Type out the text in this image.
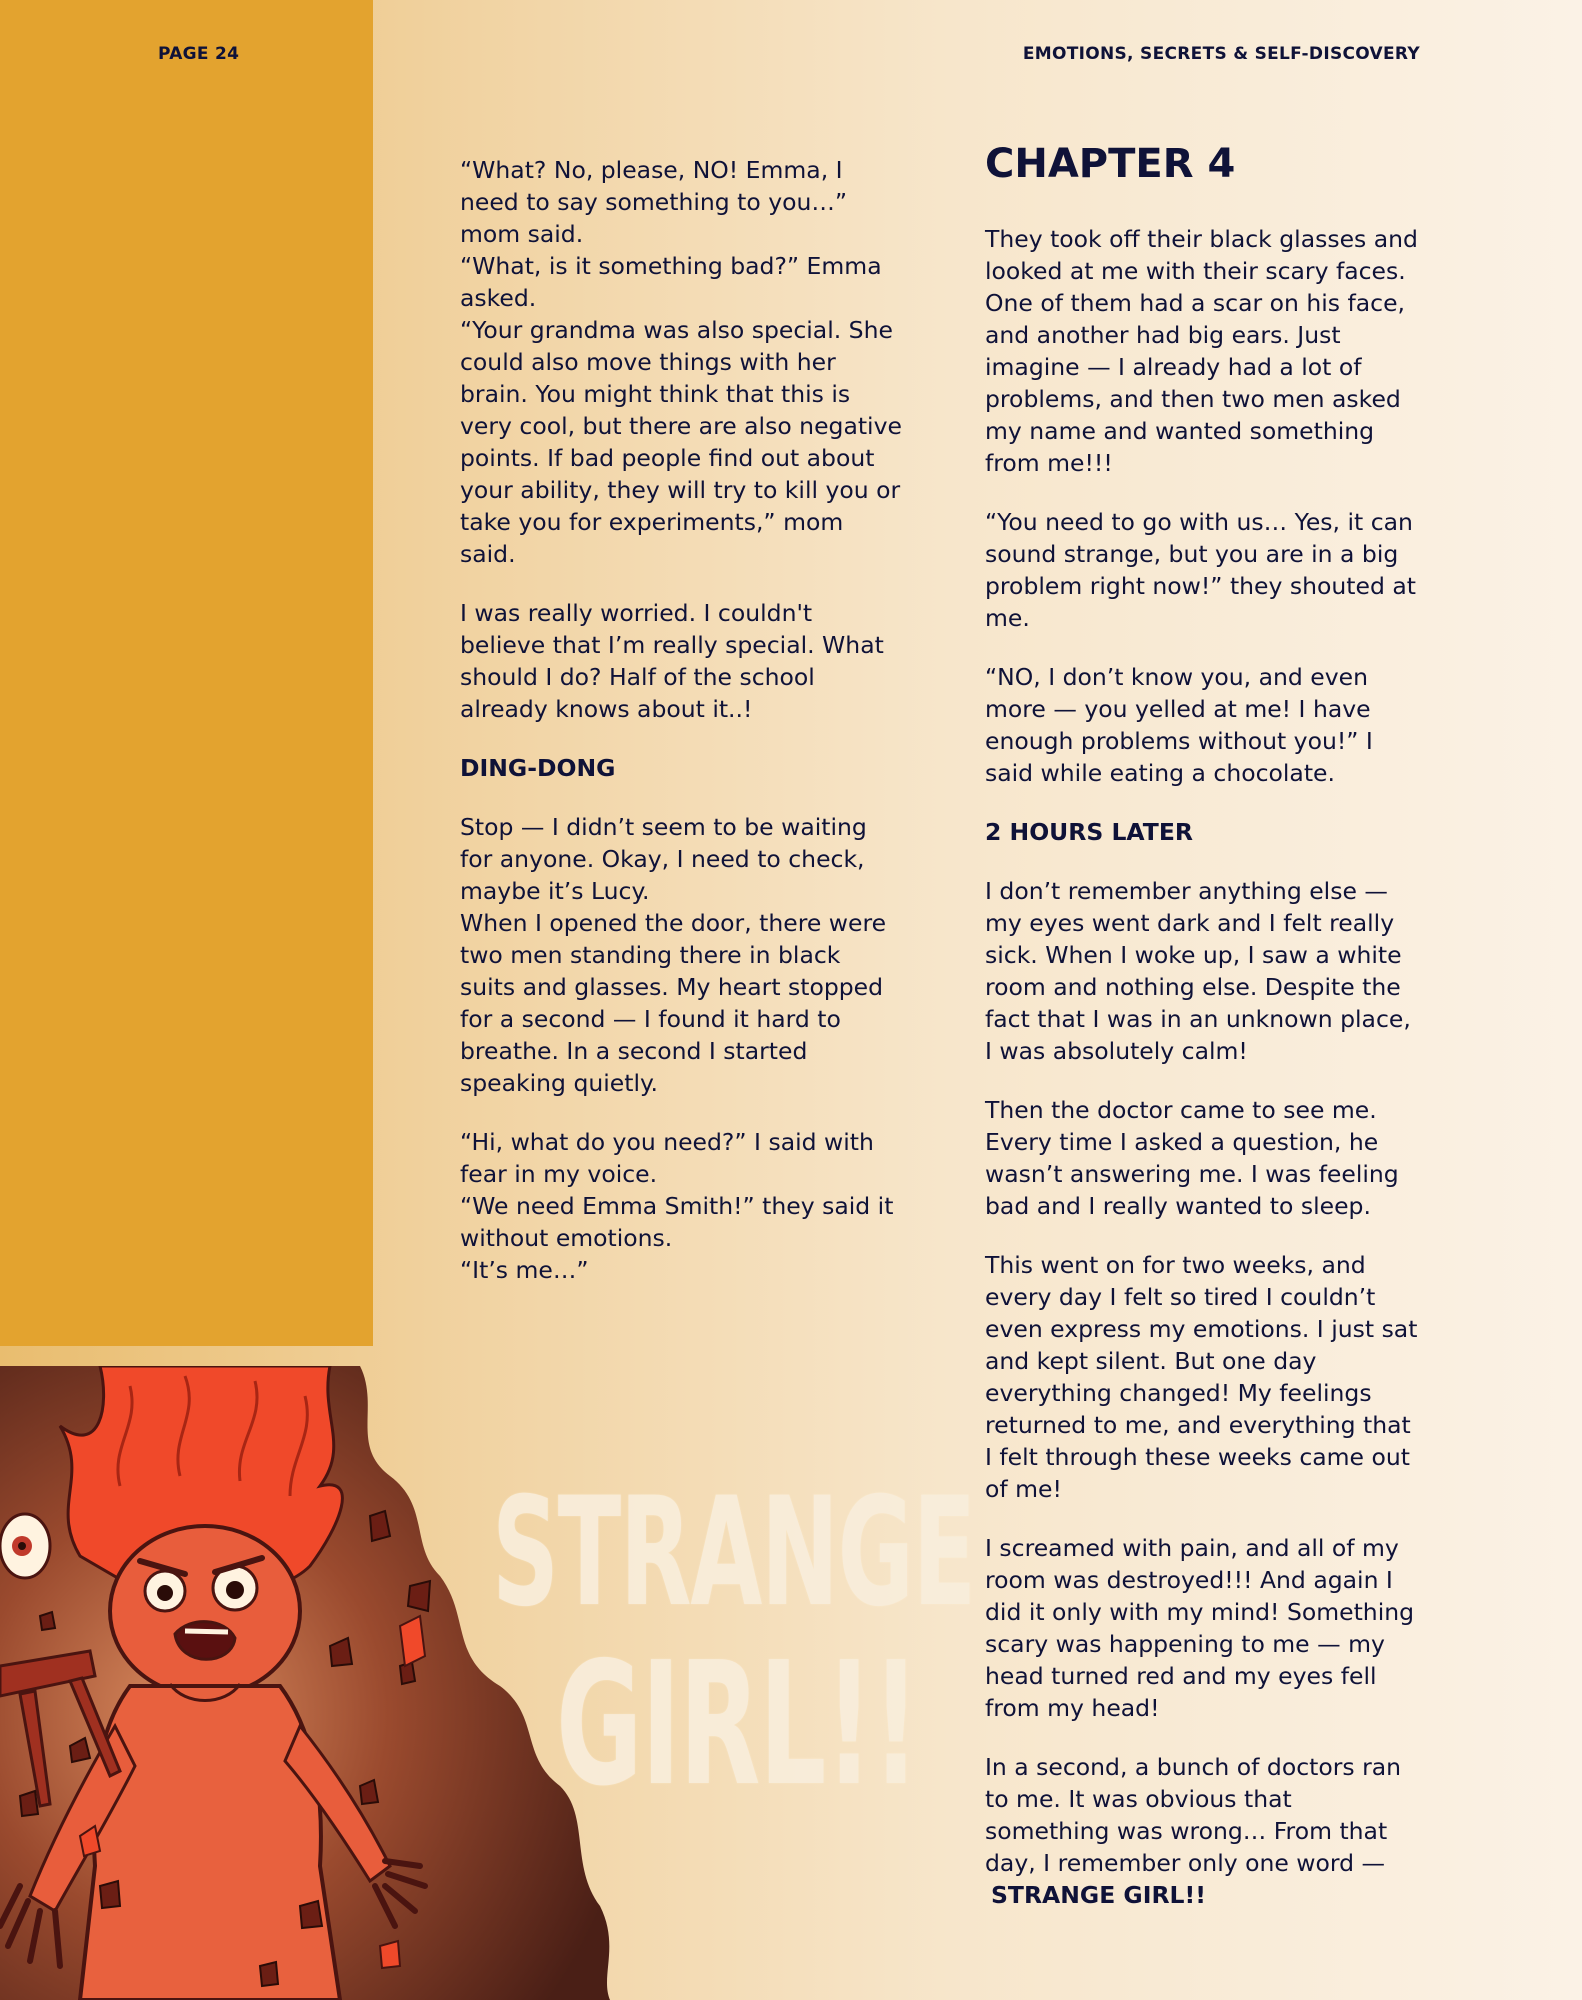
PAGE 24	EMOTIONS, SECRETS & SELF-DISCOVERY

“What? No, please, NO! Emma, I
need to say something to you…”
mom said.
“What, is it something bad?” Emma
asked.
“Your grandma was also special. She
could also move things with her
brain. You might think that this is
very cool, but there are also negative
points. If bad people find out about
your ability, they will try to kill you or
take you for experiments,” mom
said.

I was really worried. I couldn't
believe that I’m really special. What
should I do? Half of the school
already knows about it..!

DING-DONG

Stop — I didn’t seem to be waiting
for anyone. Okay, I need to check,
maybe it’s Lucy.
When I opened the door, there were
two men standing there in black
suits and glasses. My heart stopped
for a second — I found it hard to
breathe. In a second I started
speaking quietly.

“Hi, what do you need?” I said with
fear in my voice.
“We need Emma Smith!” they said it
without emotions.
“It’s me…”

CHAPTER 4

They took off their black glasses and
looked at me with their scary faces.
One of them had a scar on his face,
and another had big ears. Just
imagine — I already had a lot of
problems, and then two men asked
my name and wanted something
from me!!!

“You need to go with us… Yes, it can
sound strange, but you are in a big
problem right now!” they shouted at
me.

“NO, I don’t know you, and even
more — you yelled at me! I have
enough problems without you!” I
said while eating a chocolate.

2 HOURS LATER

I don’t remember anything else —
my eyes went dark and I felt really
sick. When I woke up, I saw a white
room and nothing else. Despite the
fact that I was in an unknown place,
I was absolutely calm!

Then the doctor came to see me.
Every time I asked a question, he
wasn’t answering me. I was feeling
bad and I really wanted to sleep.

This went on for two weeks, and
every day I felt so tired I couldn’t
even express my emotions. I just sat
and kept silent. But one day
everything changed! My feelings
returned to me, and everything that
I felt through these weeks came out
of me!

I screamed with pain, and all of my
room was destroyed!!! And again I
did it only with my mind! Something
scary was happening to me — my
head turned red and my eyes fell
from my head!

In a second, a bunch of doctors ran
to me. It was obvious that
something was wrong… From that
day, I remember only one word —
STRANGE GIRL!!

STRANGE
GIRL!!
